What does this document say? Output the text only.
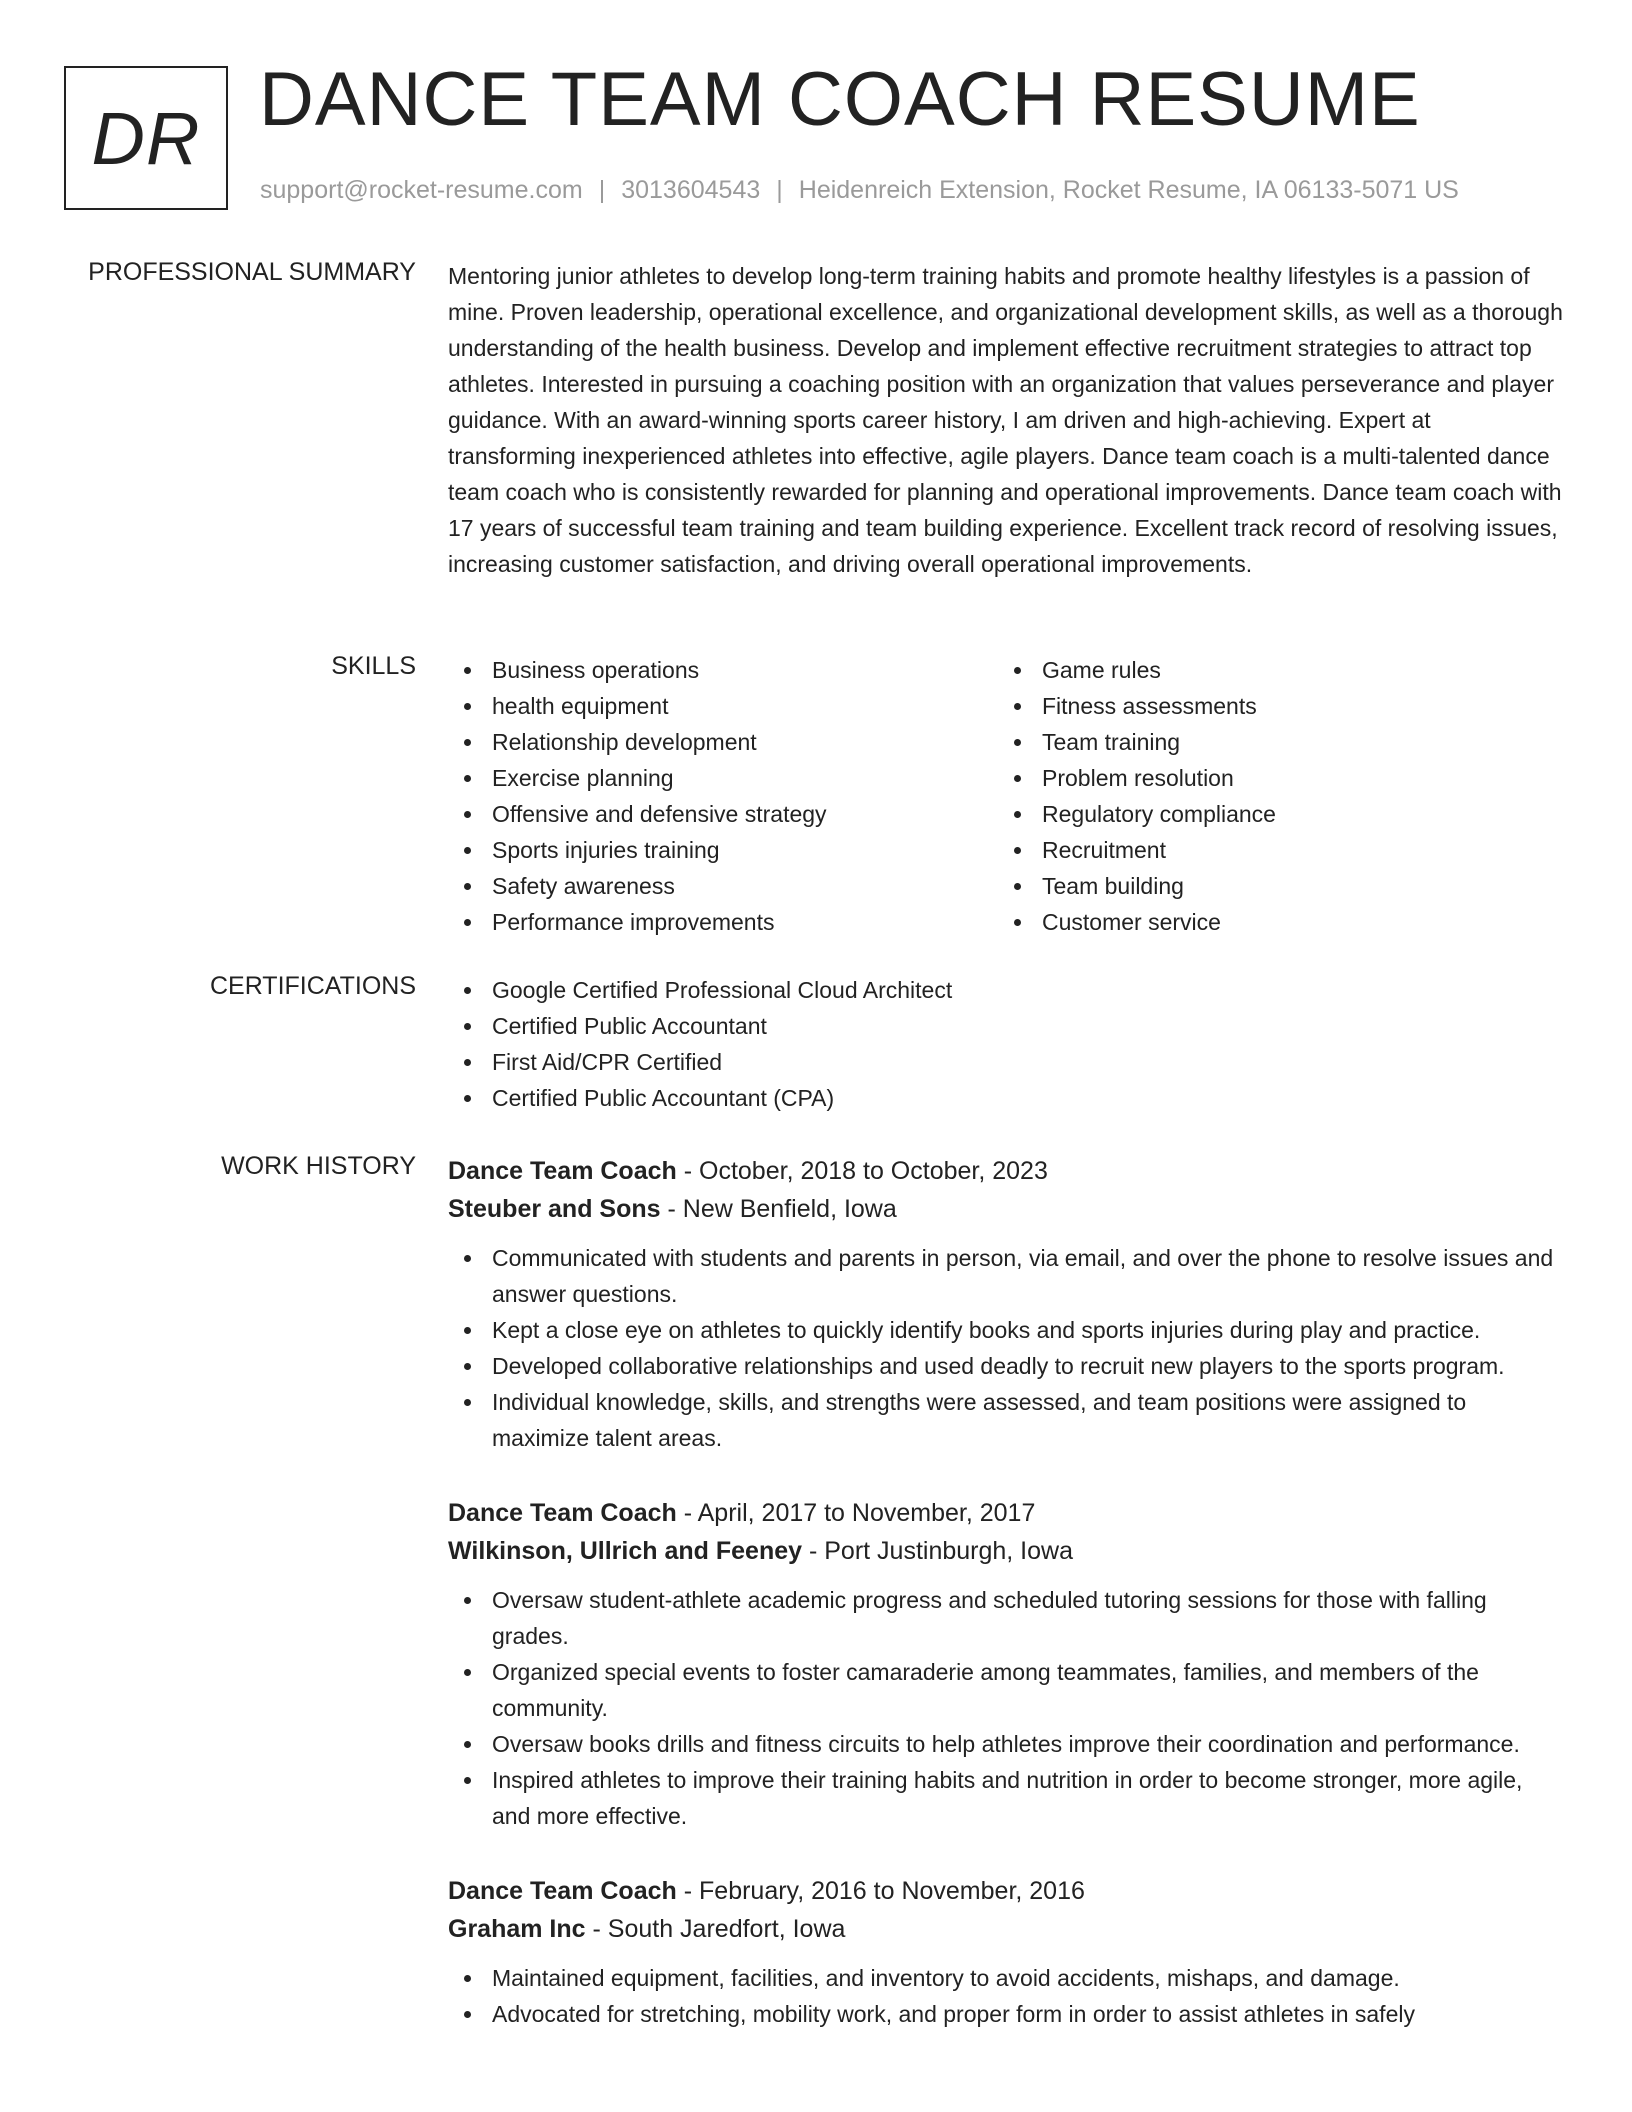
DR DANCE TEAM COACH RESUME
support@rocket-resume.com | 3013604543 | Heidenreich Extension, Rocket Resume, IA 06133-5071 US
PROFESSIONAL SUMMARY Mentoring junior athletes to develop long-term training habits and promote healthy lifestyles is a passion of mine. Proven leadership, operational excellence, and organizational development skills, as well as a thorough understanding of the health business. Develop and implement effective recruitment strategies to attract top athletes. Interested in pursuing a coaching position with an organization that values perseverance and player guidance. With an award-winning sports career history, I am driven and high-achieving. Expert at transforming inexperienced athletes into effective, agile players. Dance team coach is a multi-talented dance team coach who is consistently rewarded for planning and operational improvements. Dance team coach with 17 years of successful team training and team building experience. Excellent track record of resolving issues, increasing customer satisfaction, and driving overall operational improvements.

SKILLS	Business operations
health equipment
Relationship development
Exercise planning
Offensive and defensive strategy
Sports injuries training
Safety awareness
Performance improvements
Game rules
Fitness assessments
Team training
Problem resolution
Regulatory compliance
Recruitment
Team building
Customer service
CERTIFICATIONS	Google Certified Professional Cloud Architect
Certified Public Accountant
First Aid/CPR Certified
Certified Public Accountant (CPA)
WORK HISTORY Dance Team Coach - October, 2018 to October, 2023
Steuber and Sons - New Benfield, Iowa
Communicated with students and parents in person, via email, and over the phone to resolve issues and answer questions.
Kept a close eye on athletes to quickly identify books and sports injuries during play and practice.
Developed collaborative relationships and used deadly to recruit new players to the sports program.
Individual knowledge, skills, and strengths were assessed, and team positions were assigned to maximize talent areas.
Dance Team Coach - April, 2017 to November, 2017
Wilkinson, Ullrich and Feeney - Port Justinburgh, Iowa
Oversaw student-athlete academic progress and scheduled tutoring sessions for those with falling grades.
Organized special events to foster camaraderie among teammates, families, and members of the community.
Oversaw books drills and fitness circuits to help athletes improve their coordination and performance.
Inspired athletes to improve their training habits and nutrition in order to become stronger, more agile, and more effective.
Dance Team Coach - February, 2016 to November, 2016
Graham Inc - South Jaredfort, Iowa
Maintained equipment, facilities, and inventory to avoid accidents, mishaps, and damage.
Advocated for stretching, mobility work, and proper form in order to assist athletes in safely
